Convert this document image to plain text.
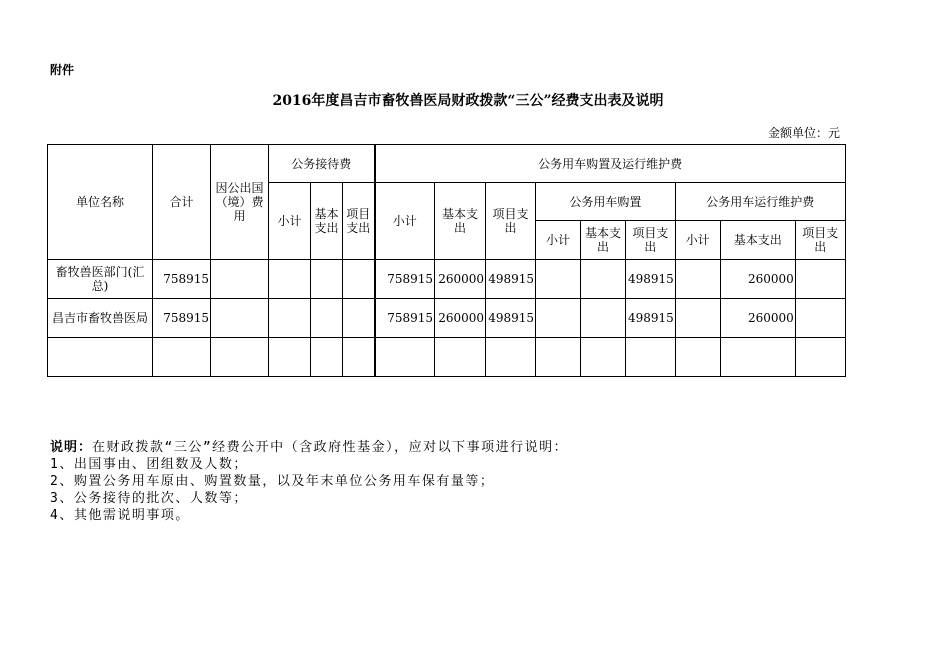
附件
2016年度昌吉市畜牧兽医局财政拨款“三公”经费支出表及说明
金额单位：元
单位名称	合计	因公出国（境）费用	公务接待费			公务用车购置及运行维护费								
			小计	基本支出	项目支出	小计	基本支出	项目支出	公务用车购置			公务用车运行维护费		
									小计	基本支出	项目支出	小计	基本支出	项目支出
畜牧兽医部门(汇总)	758915					758915	260000	498915			498915		260000	
昌吉市畜牧兽医局	758915					758915	260000	498915			498915		260000	

说明：在财政拨款“三公”经费公开中（含政府性基金），应对以下事项进行说明：
1、出国事由、团组数及人数；
2、购置公务用车原由、购置数量，以及年末单位公务用车保有量等；
3、公务接待的批次、人数等；
4、其他需说明事项。
